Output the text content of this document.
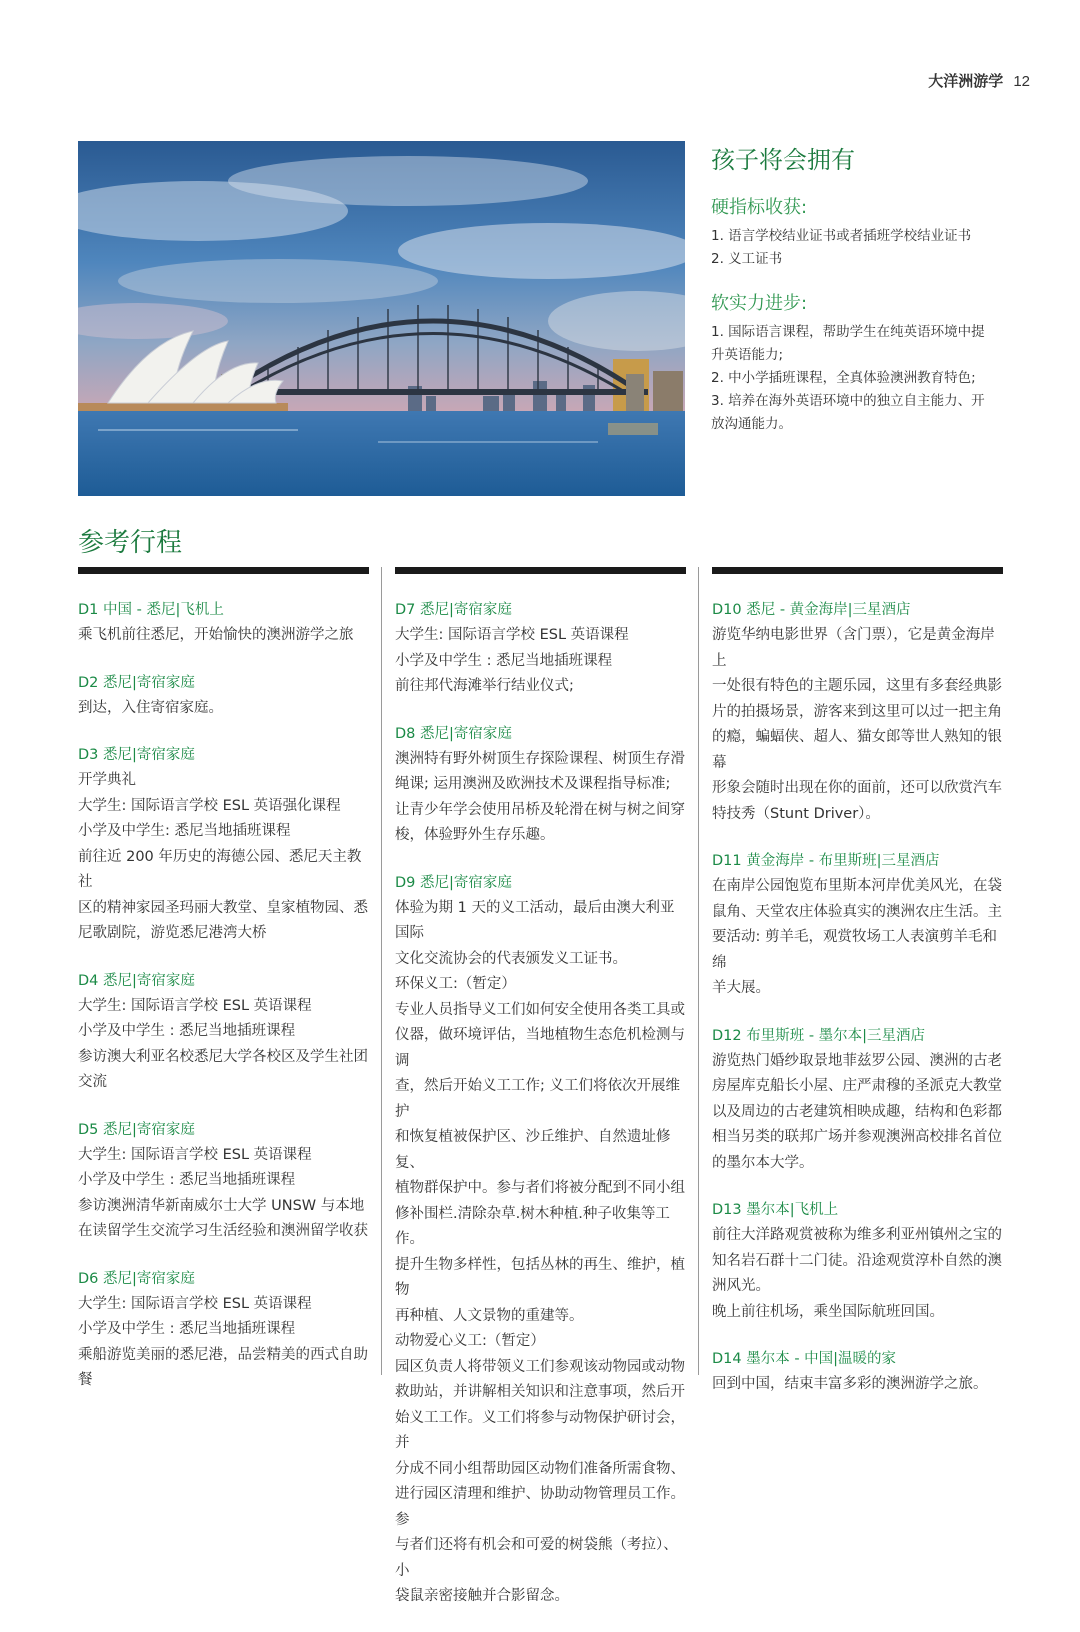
大洋洲游学 12
孩子将会拥有
硬指标收获:
1. 语言学校结业证书或者插班学校结业证书
2. 义工证书
软实力进步:
1. 国际语言课程，帮助学生在纯英语环境中提
升英语能力;
2. 中小学插班课程，全真体验澳洲教育特色;
3. 培养在海外英语环境中的独立自主能力、开
放沟通能力。
参考行程
D1 中国 - 悉尼|飞机上
乘飞机前往悉尼，开始愉快的澳洲游学之旅
D2 悉尼|寄宿家庭
到达，入住寄宿家庭。
D3 悉尼|寄宿家庭
开学典礼
大学生: 国际语言学校 ESL 英语强化课程
小学及中学生: 悉尼当地插班课程
前往近 200 年历史的海德公园、悉尼天主教社
区的精神家园圣玛丽大教堂、皇家植物园、悉
尼歌剧院，游览悉尼港湾大桥
D4 悉尼|寄宿家庭
大学生: 国际语言学校 ESL 英语课程
小学及中学生 : 悉尼当地插班课程
参访澳大利亚名校悉尼大学各校区及学生社团
交流
D5 悉尼|寄宿家庭
大学生: 国际语言学校 ESL 英语课程
小学及中学生 : 悉尼当地插班课程
参访澳洲清华新南威尔士大学 UNSW 与本地
在读留学生交流学习生活经验和澳洲留学收获
D6 悉尼|寄宿家庭
大学生: 国际语言学校 ESL 英语课程
小学及中学生 : 悉尼当地插班课程
乘船游览美丽的悉尼港，品尝精美的西式自助餐
D7 悉尼|寄宿家庭
大学生: 国际语言学校 ESL 英语课程
小学及中学生 : 悉尼当地插班课程
前往邦代海滩举行结业仪式;
D8 悉尼|寄宿家庭
澳洲特有野外树顶生存探险课程、树顶生存滑
绳课; 运用澳洲及欧洲技术及课程指导标准;
让青少年学会使用吊桥及轮滑在树与树之间穿
梭，体验野外生存乐趣。
D9 悉尼|寄宿家庭
体验为期 1 天的义工活动，最后由澳大利亚国际
文化交流协会的代表颁发义工证书。
环保义工:（暂定）
专业人员指导义工们如何安全使用各类工具或
仪器，做环境评估，当地植物生态危机检测与调
查，然后开始义工工作; 义工们将依次开展维护
和恢复植被保护区、沙丘维护、自然遗址修复、
植物群保护中。参与者们将被分配到不同小组
修补围栏.清除杂草.树木种植.种子收集等工作。
提升生物多样性，包括丛林的再生、维护，植物
再种植、人文景物的重建等。
动物爱心义工:（暂定）
园区负责人将带领义工们参观该动物园或动物
救助站，并讲解相关知识和注意事项，然后开
始义工工作。义工们将参与动物保护研讨会，并
分成不同小组帮助园区动物们准备所需食物、
进行园区清理和维护、协助动物管理员工作。参
与者们还将有机会和可爱的树袋熊（考拉）、小
袋鼠亲密接触并合影留念。
D10 悉尼 - 黄金海岸|三星酒店
游览华纳电影世界（含门票），它是黄金海岸上
一处很有特色的主题乐园，这里有多套经典影
片的拍摄场景，游客来到这里可以过一把主角
的瘾，蝙蝠侠、超人、猫女郎等世人熟知的银幕
形象会随时出现在你的面前，还可以欣赏汽车
特技秀（Stunt Driver）。
D11 黄金海岸 - 布里斯班|三星酒店
在南岸公园饱览布里斯本河岸优美风光，在袋
鼠角、天堂农庄体验真实的澳洲农庄生活。主
要活动: 剪羊毛，观赏牧场工人表演剪羊毛和绵
羊大展。
D12 布里斯班 - 墨尔本|三星酒店
游览热门婚纱取景地菲兹罗公园、澳洲的古老
房屋库克船长小屋、庄严肃穆的圣派克大教堂
以及周边的古老建筑相映成趣，结构和色彩都
相当另类的联邦广场并参观澳洲高校排名首位
的墨尔本大学。
D13 墨尔本|飞机上
前往大洋路观赏被称为维多利亚州镇州之宝的
知名岩石群十二门徒。沿途观赏淳朴自然的澳
洲风光。
晚上前往机场，乘坐国际航班回国。
D14 墨尔本 - 中国|温暖的家
回到中国，结束丰富多彩的澳洲游学之旅。
